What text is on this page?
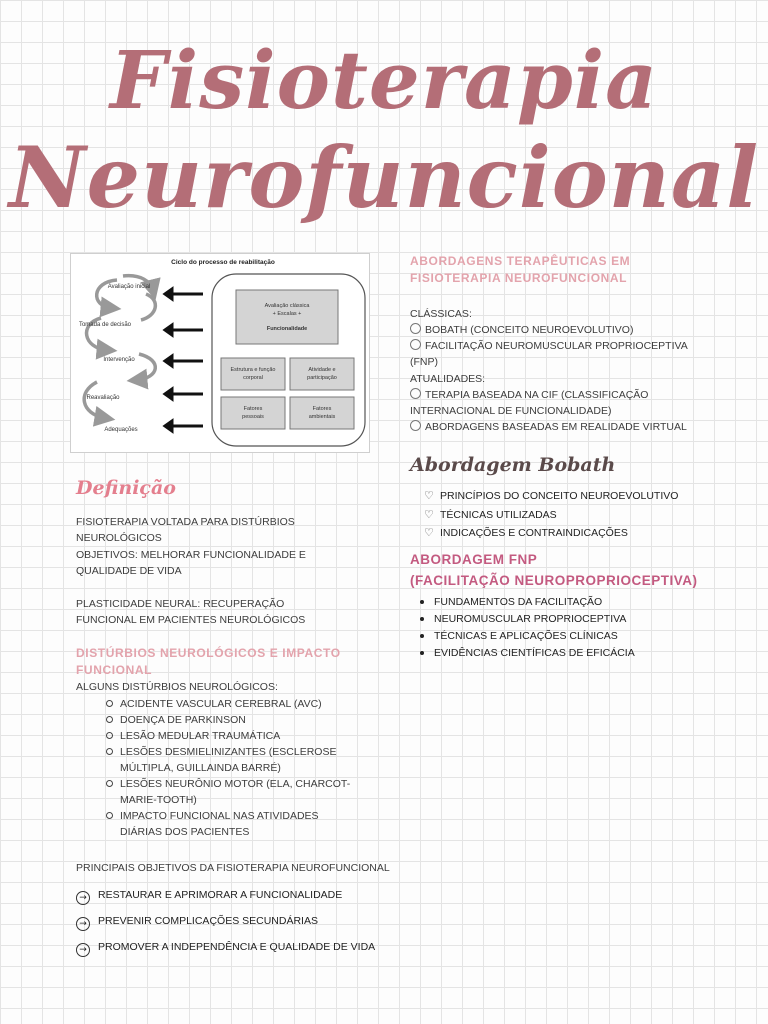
Fisioterapia
Neurofuncional
Ciclo do processo de reabilitação
Avaliação inicial
Tomada de decisão
Intervenção
Reavaliação
Adequações
Avaliação clássica
+ Escalas +
Funcionalidade
Estrutura e função
corporal
Atividade e
participação
Fatores
pessoais
Fatores
ambientais
Definição

FISIOTERAPIA VOLTADA PARA DISTÚRBIOS NEUROLÓGICOS

OBJETIVOS: MELHORAR FUNCIONALIDADE E QUALIDADE DE VIDA

PLASTICIDADE NEURAL: RECUPERAÇÃO FUNCIONAL EM PACIENTES NEUROLÓGICOS

DISTÚRBIOS NEUROLÓGICOS E IMPACTO FUNCIONAL

ALGUNS DISTÚRBIOS NEUROLÓGICOS:

ACIDENTE VASCULAR CEREBRAL (AVC)
DOENÇA DE PARKINSON
LESÃO MEDULAR TRAUMÁTICA
LESÕES DESMIELINIZANTES (ESCLEROSE MÚLTIPLA, GUILLAINDA BARRÉ)
LESÕES NEURÔNIO MOTOR (ELA, CHARCOT-MARIE-TOOTH)
IMPACTO FUNCIONAL NAS ATIVIDADES DIÁRIAS DOS PACIENTES

PRINCIPAIS OBJETIVOS DA FISIOTERAPIA NEUROFUNCIONAL

→ RESTAURAR E APRIMORAR A FUNCIONALIDADE
→ PREVENIR COMPLICAÇÕES SECUNDÁRIAS
→ PROMOVER A INDEPENDÊNCIA E QUALIDADE DE VIDA
ABORDAGENS TERAPÊUTICAS EM FISIOTERAPIA NEUROFUNCIONAL

CLÁSSICAS:

BOBATH (CONCEITO NEUROEVOLUTIVO)
FACILITAÇÃO NEUROMUSCULAR PROPRIOCEPTIVA (FNP)

ATUALIDADES:

TERAPIA BASEADA NA CIF (CLASSIFICAÇÃO INTERNACIONAL DE FUNCIONALIDADE)
ABORDAGENS BASEADAS EM REALIDADE VIRTUAL
Abordagem Bobath
♡ PRINCÍPIOS DO CONCEITO NEUROEVOLUTIVO
♡ TÉCNICAS UTILIZADAS
♡ INDICAÇÕES E CONTRAINDICAÇÕES
ABORDAGEM FNP
(FACILITAÇÃO NEUROPROPRIOCEPTIVA)
FUNDAMENTOS DA FACILITAÇÃO
NEUROMUSCULAR PROPRIOCEPTIVA
TÉCNICAS E APLICAÇÕES CLÍNICAS
EVIDÊNCIAS CIENTÍFICAS DE EFICÁCIA
